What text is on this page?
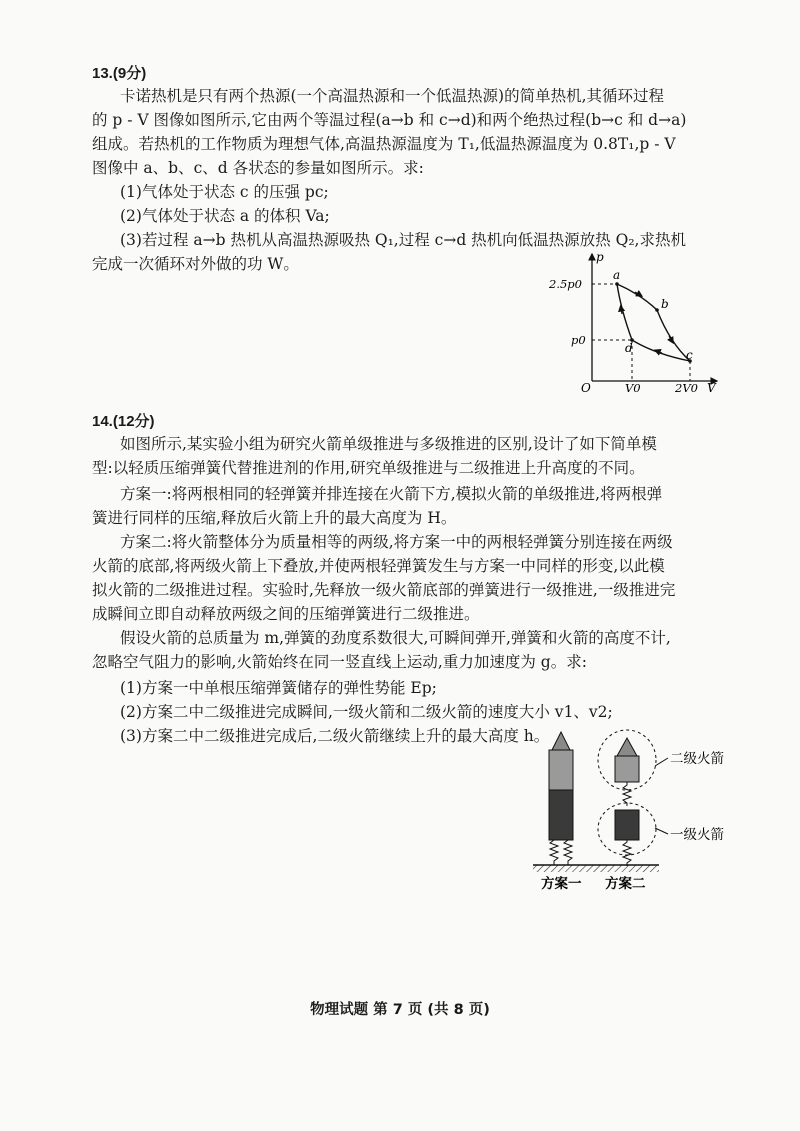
13.(9分)
卡诺热机是只有两个热源(一个高温热源和一个低温热源)的简单热机,其循环过程
的 p - V 图像如图所示,它由两个等温过程(a→b 和 c→d)和两个绝热过程(b→c 和 d→a)
组成。若热机的工作物质为理想气体,高温热源温度为 T₁,低温热源温度为 0.8T₁,p - V
图像中 a、b、c、d 各状态的参量如图所示。求:
(1)气体处于状态 c 的压强 pc;
(2)气体处于状态 a 的体积 Va;
(3)若过程 a→b 热机从高温热源吸热 Q₁,过程 c→d 热机向低温热源放热 Q₂,求热机
完成一次循环对外做的功 W。	p
V
O
2.5p0
p0
V0	2V0
a
b
c
d
14.(12分)
如图所示,某实验小组为研究火箭单级推进与多级推进的区别,设计了如下简单模
型:以轻质压缩弹簧代替推进剂的作用,研究单级推进与二级推进上升高度的不同。
方案一:将两根相同的轻弹簧并排连接在火箭下方,模拟火箭的单级推进,将两根弹
簧进行同样的压缩,释放后火箭上升的最大高度为 H。
方案二:将火箭整体分为质量相等的两级,将方案一中的两根轻弹簧分别连接在两级
火箭的底部,将两级火箭上下叠放,并使两根轻弹簧发生与方案一中同样的形变,以此模
拟火箭的二级推进过程。实验时,先释放一级火箭底部的弹簧进行一级推进,一级推进完
成瞬间立即自动释放两级之间的压缩弹簧进行二级推进。
假设火箭的总质量为 m,弹簧的劲度系数很大,可瞬间弹开,弹簧和火箭的高度不计,
忽略空气阻力的影响,火箭始终在同一竖直线上运动,重力加速度为 g。求:
(1)方案一中单根压缩弹簧储存的弹性势能 Ep;
(2)方案二中二级推进完成瞬间,一级火箭和二级火箭的速度大小 v1、v2;
(3)方案二中二级推进完成后,二级火箭继续上升的最大高度 h。
二级火箭
一级火箭
方案一 方案二
物理试题 第 7 页 (共 8 页)
